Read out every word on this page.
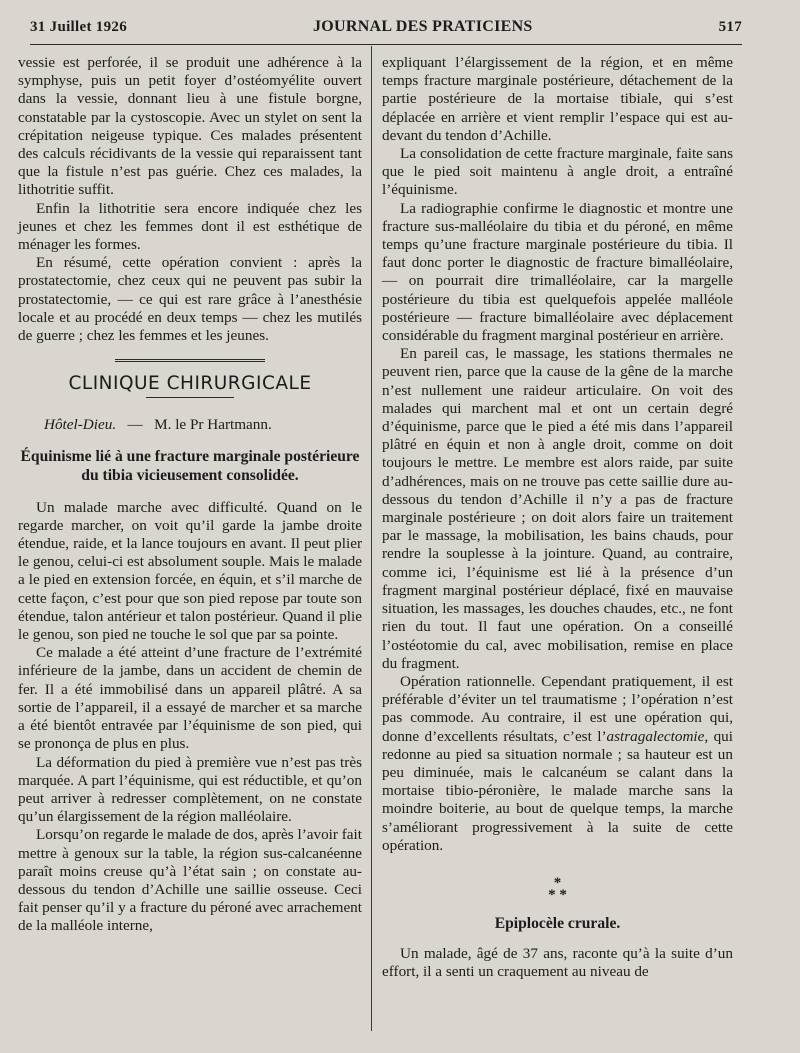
31 Juillet 1926	JOURNAL DES PRATICIENS	517

vessie est perforée, il se produit une adhérence à la symphyse, puis un petit foyer d’ostéomyélite ouvert dans la vessie, donnant lieu à une fistule borgne, constatable par la cystoscopie. Avec un stylet on sent la crépitation neigeuse typique. Ces malades présentent des calculs récidivants de la vessie qui reparaissent tant que la fistule n’est pas guérie. Chez ces malades, la lithotritie suffit.

Enfin la lithotritie sera encore indiquée chez les jeunes et chez les femmes dont il est esthétique de ménager les formes.

En résumé, cette opération convient : après la prostatectomie, chez ceux qui ne peuvent pas subir la prostatectomie, — ce qui est rare grâce à l’anesthésie locale et au procédé en deux temps — chez les mutilés de guerre ; chez les femmes et les jeunes.

CLINIQUE CHIRURGICALE

Hôtel-Dieu. — M. le Pr Hartmann.

Équinisme lié à une fracture marginale postérieure du tibia vicieusement consolidée.

Un malade marche avec difficulté. Quand on le regarde marcher, on voit qu’il garde la jambe droite étendue, raide, et la lance toujours en avant. Il peut plier le genou, celui-ci est absolument souple. Mais le malade a le pied en extension forcée, en équin, et s’il marche de cette façon, c’est pour que son pied repose par toute son étendue, talon antérieur et talon postérieur. Quand il plie le genou, son pied ne touche le sol que par sa pointe.

Ce malade a été atteint d’une fracture de l’extrémité inférieure de la jambe, dans un accident de chemin de fer. Il a été immobilisé dans un appareil plâtré. A sa sortie de l’appareil, il a essayé de marcher et sa marche a été bientôt entravée par l’équinisme de son pied, qui se prononça de plus en plus.

La déformation du pied à première vue n’est pas très marquée. A part l’équinisme, qui est réductible, et qu’on peut arriver à redresser complètement, on ne constate qu’un élargissement de la région malléolaire.

Lorsqu’on regarde le malade de dos, après l’avoir fait mettre à genoux sur la table, la région sus-calcanéenne paraît moins creuse qu’à l’état sain ; on constate au-dessous du tendon d’Achille une saillie osseuse. Ceci fait penser qu’il y a fracture du péroné avec arrachement de la malléole interne,

expliquant l’élargissement de la région, et en même temps fracture marginale postérieure, détachement de la partie postérieure de la mortaise tibiale, qui s’est déplacée en arrière et vient remplir l’espace qui est au-devant du tendon d’Achille.

La consolidation de cette fracture marginale, faite sans que le pied soit maintenu à angle droit, a entraîné l’équinisme.

La radiographie confirme le diagnostic et montre une fracture sus-malléolaire du tibia et du péroné, en même temps qu’une fracture marginale postérieure du tibia. Il faut donc porter le diagnostic de fracture bimalléolaire, — on pourrait dire trimalléolaire, car la margelle postérieure du tibia est quelquefois appelée malléole postérieure — fracture bimalléolaire avec déplacement considérable du fragment marginal postérieur en arrière.

En pareil cas, le massage, les stations thermales ne peuvent rien, parce que la cause de la gêne de la marche n’est nullement une raideur articulaire. On voit des malades qui marchent mal et ont un certain degré d’équinisme, parce que le pied a été mis dans l’appareil plâtré en équin et non à angle droit, comme on doit toujours le mettre. Le membre est alors raide, par suite d’adhérences, mais on ne trouve pas cette saillie dure au-dessous du tendon d’Achille il n’y a pas de fracture marginale postérieure ; on doit alors faire un traitement par le massage, la mobilisation, les bains chauds, pour rendre la souplesse à la jointure. Quand, au contraire, comme ici, l’équinisme est lié à la présence d’un fragment marginal postérieur déplacé, fixé en mauvaise situation, les massages, les douches chaudes, etc., ne font rien du tout. Il faut une opération. On a conseillé l’ostéotomie du cal, avec mobilisation, remise en place du fragment.

Opération rationnelle. Cependant pratiquement, il est préférable d’éviter un tel traumatisme ; l’opération n’est pas commode. Au contraire, il est une opération qui, donne d’excellents résultats, c’est l’astragalectomie, qui redonne au pied sa situation normale ; sa hauteur est un peu diminuée, mais le calcanéum se calant dans la mortaise tibio-péronière, le malade marche sans la moindre boiterie, au bout de quelque temps, la marche s’améliorant progressivement à la suite de cette opération.

*
* *
Epiplocèle crurale.

Un malade, âgé de 37 ans, raconte qu’à la suite d’un effort, il a senti un craquement au niveau de
